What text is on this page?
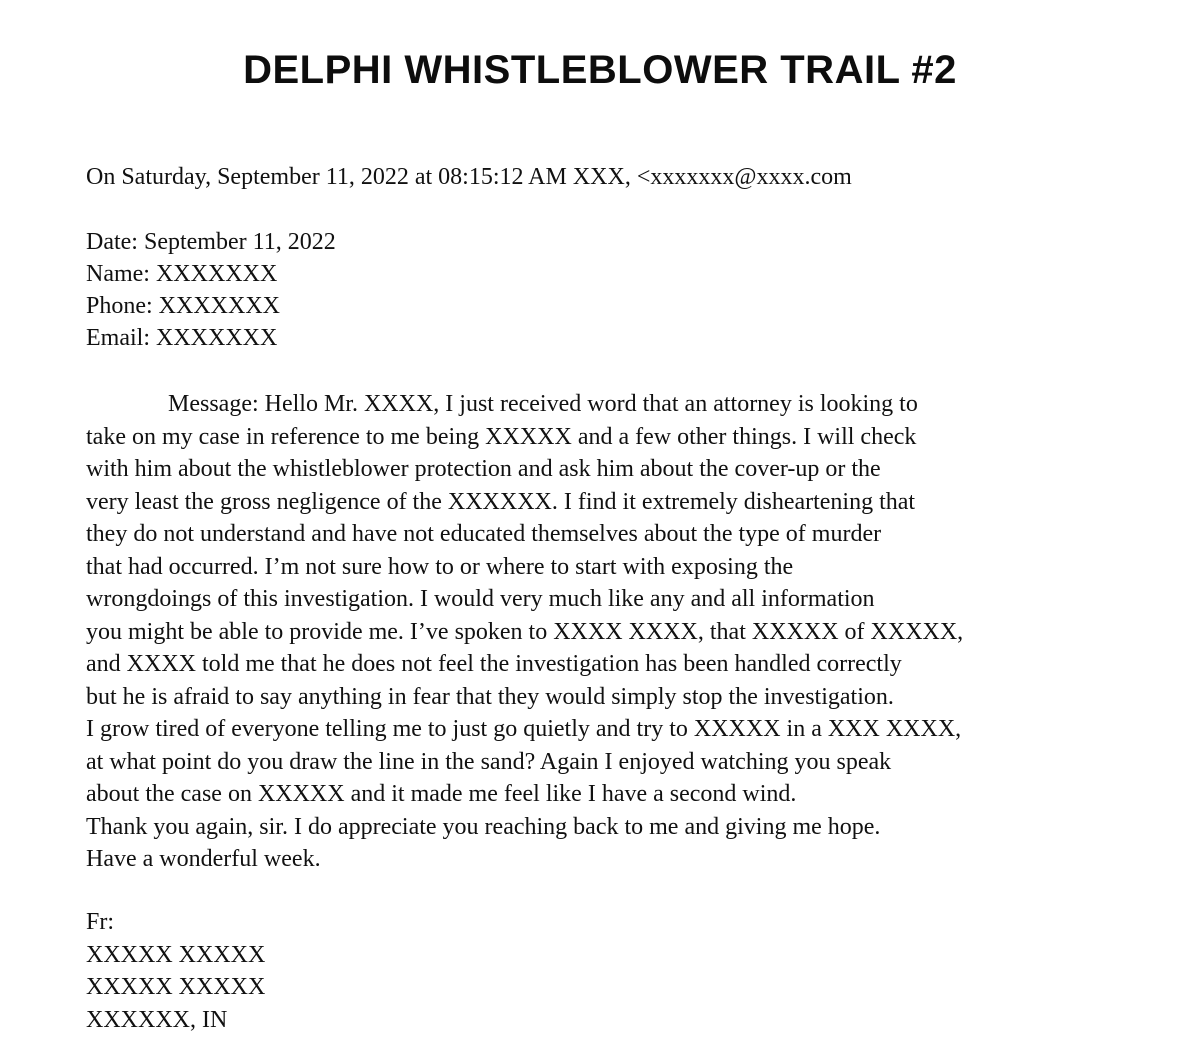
DELPHI WHISTLEBLOWER TRAIL #2
On Saturday, September 11, 2022 at 08:15:12 AM XXX, <xxxxxxx@xxxx.com
Date: September 11, 2022
Name: XXXXXXX
Phone: XXXXXXX
Email: XXXXXXX
Message: Hello Mr. XXXX, I just received word that an attorney is looking to
take on my case in reference to me being XXXXX and a few other things. I will check
with him about the whistleblower protection and ask him about the cover-up or the
very least the gross negligence of the XXXXXX. I find it extremely disheartening that
they do not understand and have not educated themselves about the type of murder
that had occurred. I’m not sure how to or where to start with exposing the
wrongdoings of this investigation. I would very much like any and all information
you might be able to provide me. I’ve spoken to XXXX XXXX, that XXXXX of XXXXX,
and XXXX told me that he does not feel the investigation has been handled correctly
but he is afraid to say anything in fear that they would simply stop the investigation.
I grow tired of everyone telling me to just go quietly and try to XXXXX in a XXX XXXX,
at what point do you draw the line in the sand? Again I enjoyed watching you speak
about the case on XXXXX and it made me feel like I have a second wind.
Thank you again, sir. I do appreciate you reaching back to me and giving me hope.
Have a wonderful week.
Fr:
XXXXX XXXXX
XXXXX XXXXX
XXXXXX, IN
